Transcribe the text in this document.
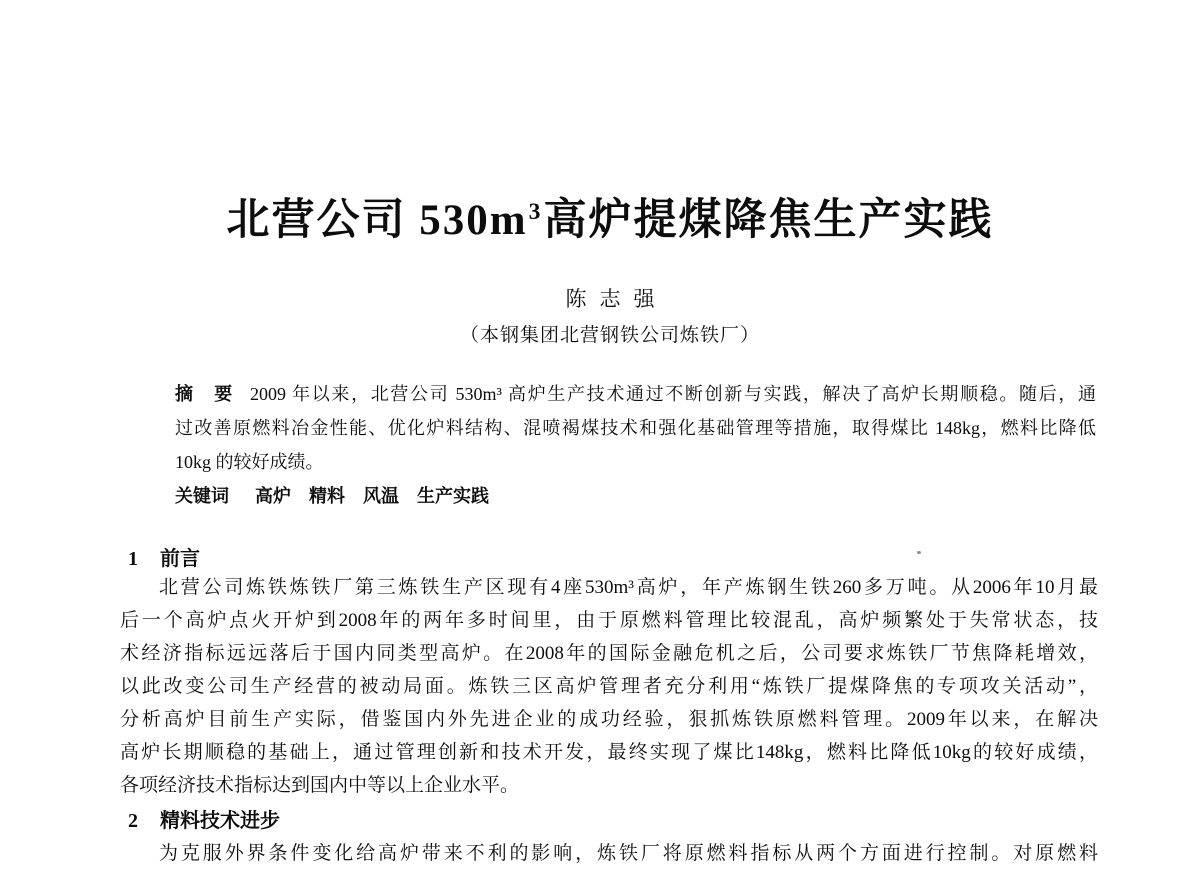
北营公司 $530m^3$高炉提煤降焦生产实践
陈志强
（本钢集团北营钢铁公司炼铁厂）
摘　要 2009 年以来，北营公司 530m³ 高炉生产技术通过不断创新与实践，解决了高炉长期顺稳。随后，通
过改善原燃料冶金性能、优化炉料结构、混喷褐煤技术和强化基础管理等措施，取得煤比 148kg，燃料比降低
10kg 的较好成绩。
关键词 高炉　精料　风温　生产实践
1 前言
北营公司炼铁炼铁厂第三炼铁生产区现有4座530m³高炉，年产炼钢生铁260多万吨。从2006年10月最
后一个高炉点火开炉到2008年的两年多时间里，由于原燃料管理比较混乱，高炉频繁处于失常状态，技
术经济指标远远落后于国内同类型高炉。在2008年的国际金融危机之后，公司要求炼铁厂节焦降耗增效，
以此改变公司生产经营的被动局面。炼铁三区高炉管理者充分利用“炼铁厂提煤降焦的专项攻关活动”，
分析高炉目前生产实际，借鉴国内外先进企业的成功经验，狠抓炼铁原燃料管理。2009年以来，在解决
高炉长期顺稳的基础上，通过管理创新和技术开发，最终实现了煤比148kg，燃料比降低10kg的较好成绩，
各项经济技术指标达到国内中等以上企业水平。
2 精料技术进步
为克服外界条件变化给高炉带来不利的影响，炼铁厂将原燃料指标从两个方面进行控制。对原燃料
